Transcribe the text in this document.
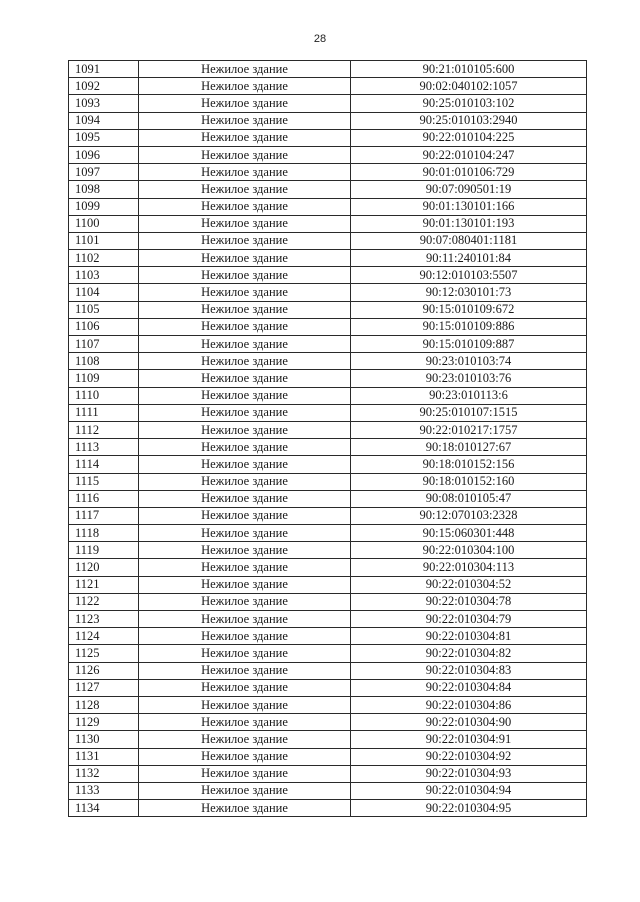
28
1091	Нежилое здание	90:21:010105:600
1092	Нежилое здание	90:02:040102:1057
1093	Нежилое здание	90:25:010103:102
1094	Нежилое здание	90:25:010103:2940
1095	Нежилое здание	90:22:010104:225
1096	Нежилое здание	90:22:010104:247
1097	Нежилое здание	90:01:010106:729
1098	Нежилое здание	90:07:090501:19
1099	Нежилое здание	90:01:130101:166
1100	Нежилое здание	90:01:130101:193
1101	Нежилое здание	90:07:080401:1181
1102	Нежилое здание	90:11:240101:84
1103	Нежилое здание	90:12:010103:5507
1104	Нежилое здание	90:12:030101:73
1105	Нежилое здание	90:15:010109:672
1106	Нежилое здание	90:15:010109:886
1107	Нежилое здание	90:15:010109:887
1108	Нежилое здание	90:23:010103:74
1109	Нежилое здание	90:23:010103:76
1110	Нежилое здание	90:23:010113:6
1111	Нежилое здание	90:25:010107:1515
1112	Нежилое здание	90:22:010217:1757
1113	Нежилое здание	90:18:010127:67
1114	Нежилое здание	90:18:010152:156
1115	Нежилое здание	90:18:010152:160
1116	Нежилое здание	90:08:010105:47
1117	Нежилое здание	90:12:070103:2328
1118	Нежилое здание	90:15:060301:448
1119	Нежилое здание	90:22:010304:100
1120	Нежилое здание	90:22:010304:113
1121	Нежилое здание	90:22:010304:52
1122	Нежилое здание	90:22:010304:78
1123	Нежилое здание	90:22:010304:79
1124	Нежилое здание	90:22:010304:81
1125	Нежилое здание	90:22:010304:82
1126	Нежилое здание	90:22:010304:83
1127	Нежилое здание	90:22:010304:84
1128	Нежилое здание	90:22:010304:86
1129	Нежилое здание	90:22:010304:90
1130	Нежилое здание	90:22:010304:91
1131	Нежилое здание	90:22:010304:92
1132	Нежилое здание	90:22:010304:93
1133	Нежилое здание	90:22:010304:94
1134	Нежилое здание	90:22:010304:95
